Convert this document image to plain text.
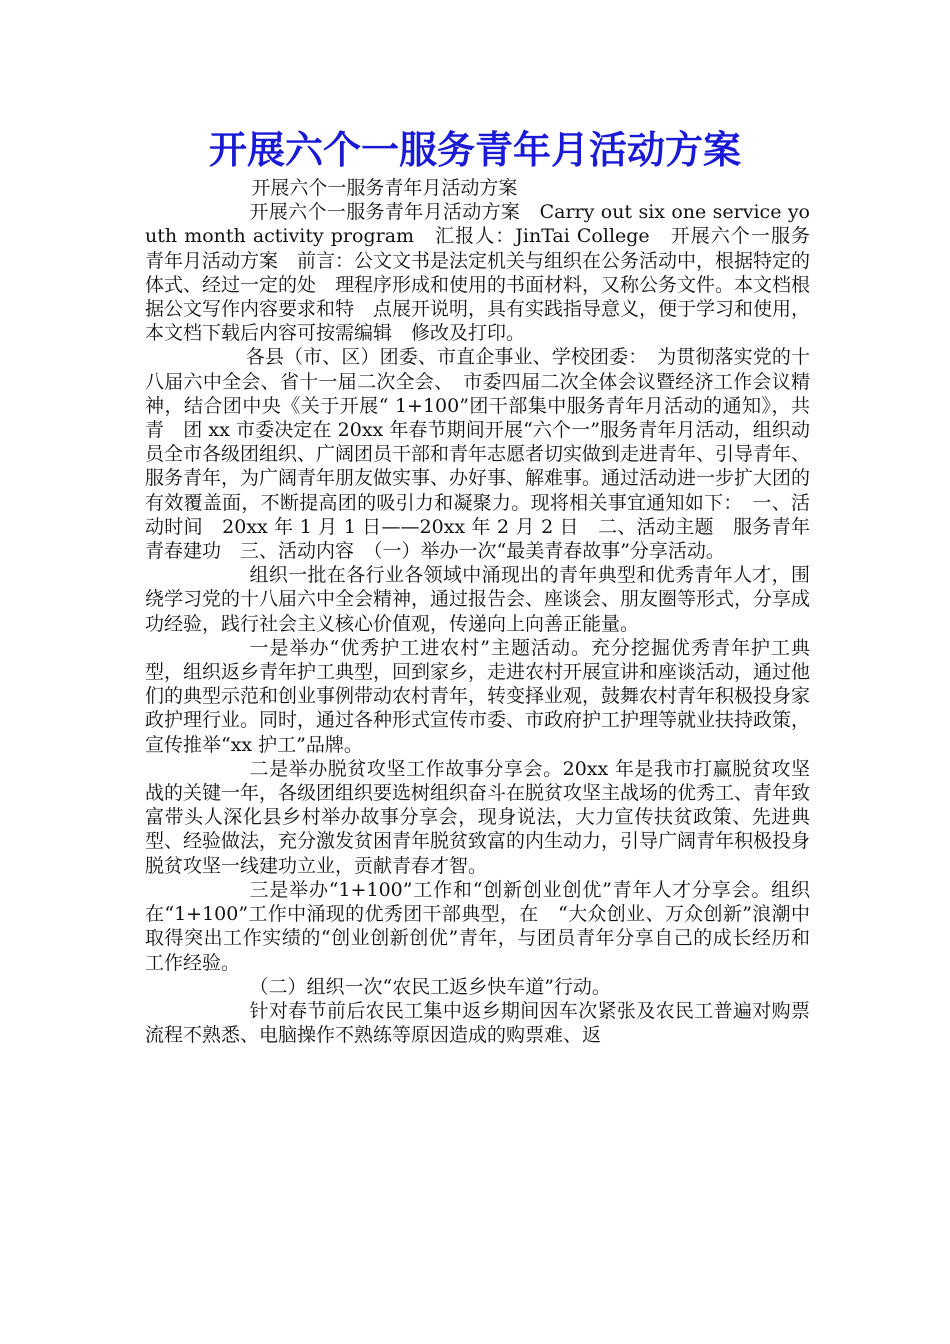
开展六个一服务青年月活动方案

开展六个一服务青年月活动方案

开展六个一服务青年月活动方案　Carry out six one service youth month activity program　汇报人：JinTai College　开展六个一服务青年月活动方案　前言：公文文书是法定机关与组织在公务活动中，根据特定的体式、经过一定的处　理程序形成和使用的书面材料，又称公务文件。本文档根据公文写作内容要求和特　点展开说明，具有实践指导意义，便于学习和使用，本文档下载后内容可按需编辑　修改及打印。

各县（市、区）团委、市直企事业、学校团委：　为贯彻落实党的十八届六中全会、省十一届二次全会、　市委四届二次全体会议暨经济工作会议精神，结合团中央《关于开展“ 1+100”团干部集中服务青年月活动的通知》，共青　团 xx 市委决定在 20xx 年春节期间开展“六个一”服务青年月活动，组织动员全市各级团组织、广阔团员干部和青年志愿者切实做到走进青年、引导青年、服务青年，为广阔青年朋友做实事、办好事、解难事。通过活动进一步扩大团的有效覆盖面，不断提高团的吸引力和凝聚力。现将相关事宜通知如下：　一、活动时间　20xx 年 1 月 1 日——20xx 年 2 月 2 日　二、活动主题　服务青年青春建功　三、活动内容　（一）举办一次“最美青春故事”分享活动。

组织一批在各行业各领域中涌现出的青年典型和优秀青年人才，围绕学习党的十八届六中全会精神，通过报告会、座谈会、朋友圈等形式，分享成功经验，践行社会主义核心价值观，传递向上向善正能量。

一是举办“优秀护工进农村”主题活动。充分挖掘优秀青年护工典型，组织返乡青年护工典型，回到家乡，走进农村开展宣讲和座谈活动，通过他们的典型示范和创业事例带动农村青年，转变择业观，鼓舞农村青年积极投身家政护理行业。同时，通过各种形式宣传市委、市政府护工护理等就业扶持政策，宣传推举“xx 护工”品牌。

二是举办脱贫攻坚工作故事分享会。20xx 年是我市打赢脱贫攻坚战的关键一年，各级团组织要选树组织奋斗在脱贫攻坚主战场的优秀工、青年致富带头人深化县乡村举办故事分享会，现身说法，大力宣传扶贫政策、先进典型、经验做法，充分激发贫困青年脱贫致富的内生动力，引导广阔青年积极投身脱贫攻坚一线建功立业，贡献青春才智。

三是举办“1+100”工作和“创新创业创优”青年人才分享会。组织在“1+100”工作中涌现的优秀团干部典型，在　“大众创业、万众创新”浪潮中取得突出工作实绩的“创业创新创优”青年，与团员青年分享自己的成长经历和工作经验。

（二）组织一次“农民工返乡快车道”行动。

针对春节前后农民工集中返乡期间因车次紧张及农民工普遍对购票流程不熟悉、电脑操作不熟练等原因造成的购票难、返
